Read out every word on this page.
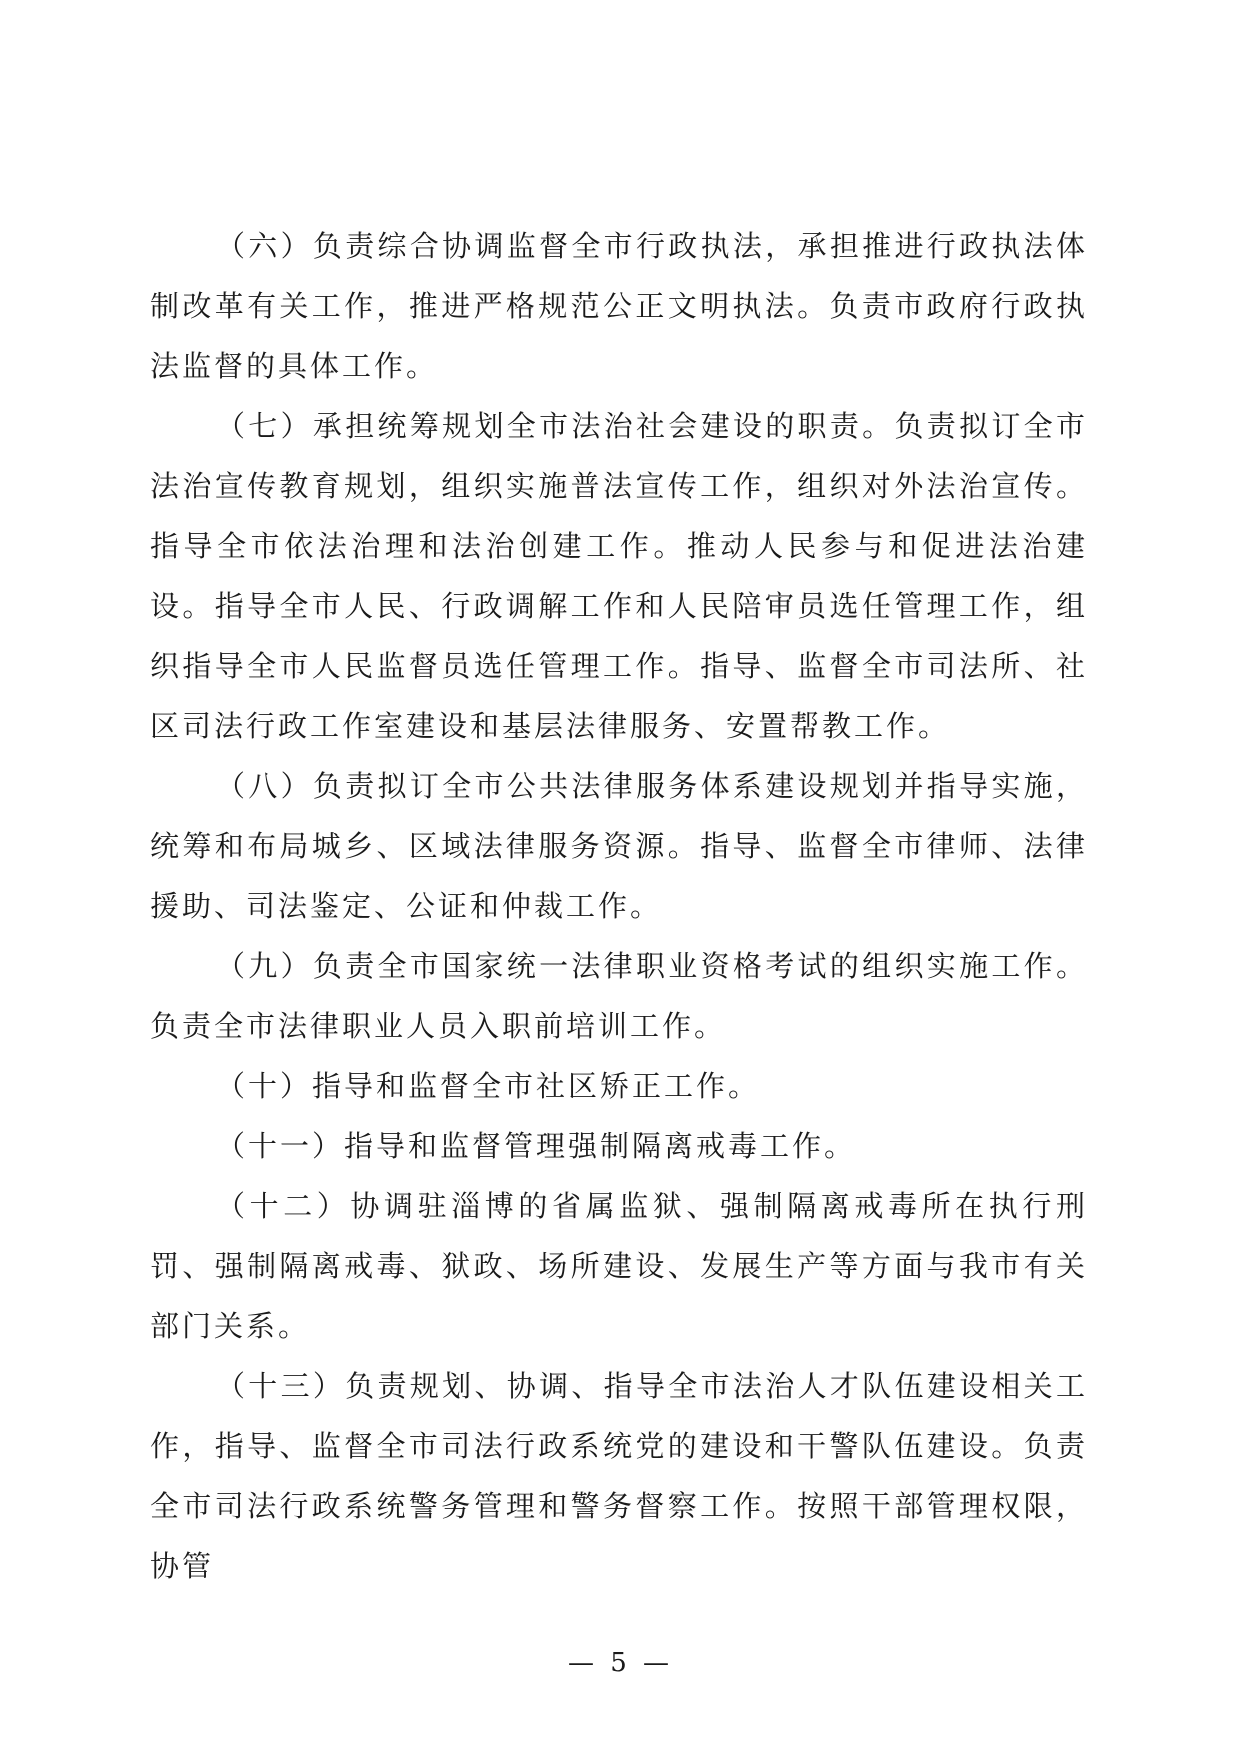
（六）负责综合协调监督全市行政执法，承担推进行政执法体制改革有关工作，推进严格规范公正文明执法。负责市政府行政执法监督的具体工作。

（七）承担统筹规划全市法治社会建设的职责。负责拟订全市法治宣传教育规划，组织实施普法宣传工作，组织对外法治宣传。指导全市依法治理和法治创建工作。推动人民参与和促进法治建设。指导全市人民、行政调解工作和人民陪审员选任管理工作，组织指导全市人民监督员选任管理工作。指导、监督全市司法所、社区司法行政工作室建设和基层法律服务、安置帮教工作。

（八）负责拟订全市公共法律服务体系建设规划并指导实施，统筹和布局城乡、区域法律服务资源。指导、监督全市律师、法律援助、司法鉴定、公证和仲裁工作。

（九）负责全市国家统一法律职业资格考试的组织实施工作。负责全市法律职业人员入职前培训工作。

（十）指导和监督全市社区矫正工作。

（十一）指导和监督管理强制隔离戒毒工作。

（十二）协调驻淄博的省属监狱、强制隔离戒毒所在执行刑罚、强制隔离戒毒、狱政、场所建设、发展生产等方面与我市有关部门关系。

（十三）负责规划、协调、指导全市法治人才队伍建设相关工作，指导、监督全市司法行政系统党的建设和干警队伍建设。负责全市司法行政系统警务管理和警务督察工作。按照干部管理权限，协管

— 5 —
